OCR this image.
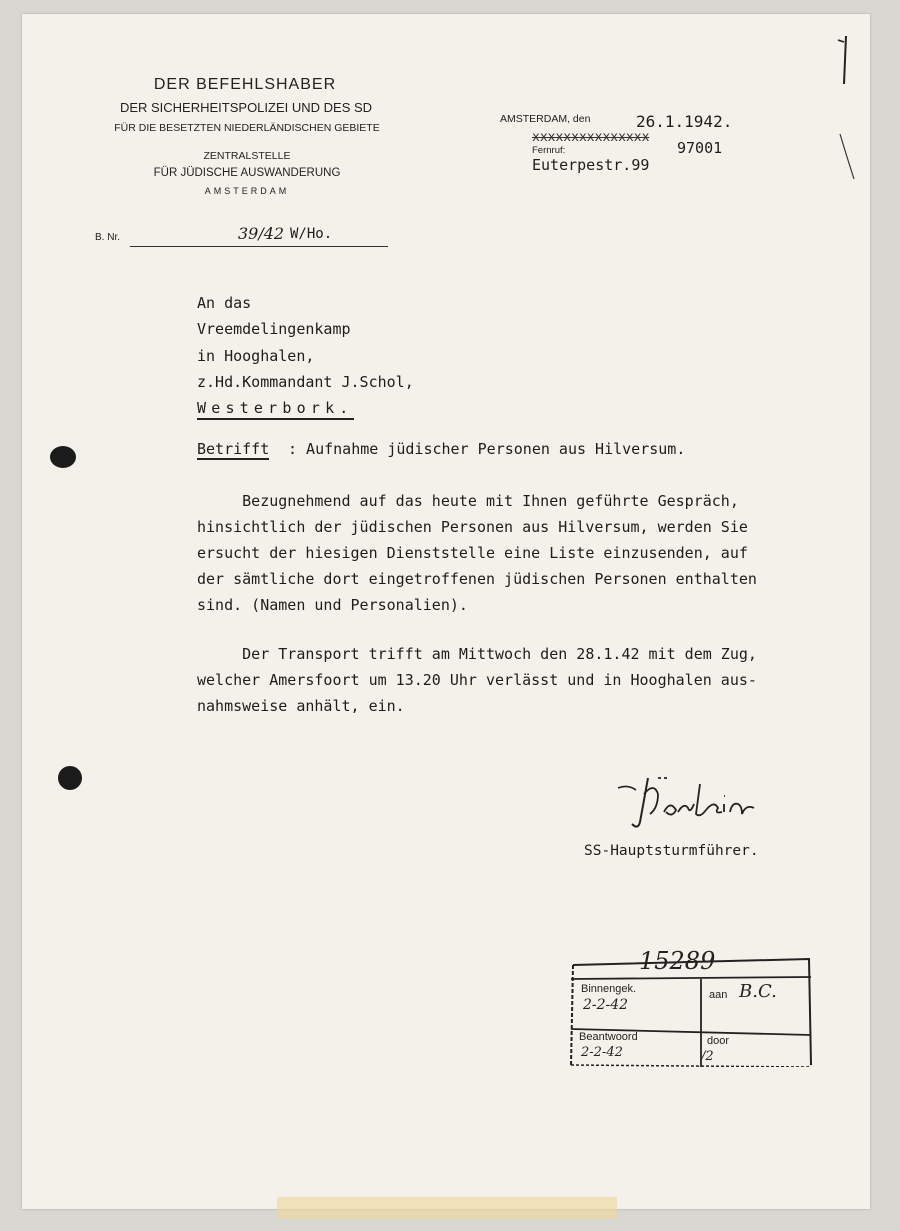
DER BEFEHLSHABER
DER SICHERHEITSPOLIZEI UND DES SD
FÜR DIE BESETZTEN NIEDERLÄNDISCHEN GEBIETE
ZENTRALSTELLE
FÜR JÜDISCHE AUSWANDERUNG
AMSTERDAM
B. Nr.	39/42 W/Ho.
AMSTERDAM, den	26.1.1942.
xxxxxxxxxxxxxxx
Fernruf:	97001
Euterpestr.99
An das
Vreemdelingenkamp
in Hooghalen,
z.Hd.Kommandant J.Schol,
Westerbork.
Betrifft : Aufnahme jüdischer Personen aus Hilversum.
Bezugnehmend auf das heute mit Ihnen geführte Gespräch,
hinsichtlich der jüdischen Personen aus Hilversum, werden Sie
ersucht der hiesigen Dienststelle eine Liste einzusenden, auf
der sämtliche dort eingetroffenen jüdischen Personen enthalten
sind. (Namen und Personalien).
Der Transport trifft am Mittwoch den 28.1.42 mit dem Zug,
welcher Amersfoort um 13.20 Uhr verlässt und in Hooghalen aus-
nahmsweise anhält, ein.
SS-Hauptsturmführer.
15289
Binnengek.
2-2-42
aan B.C.
Beantwoord
2-2-42
door
/2
